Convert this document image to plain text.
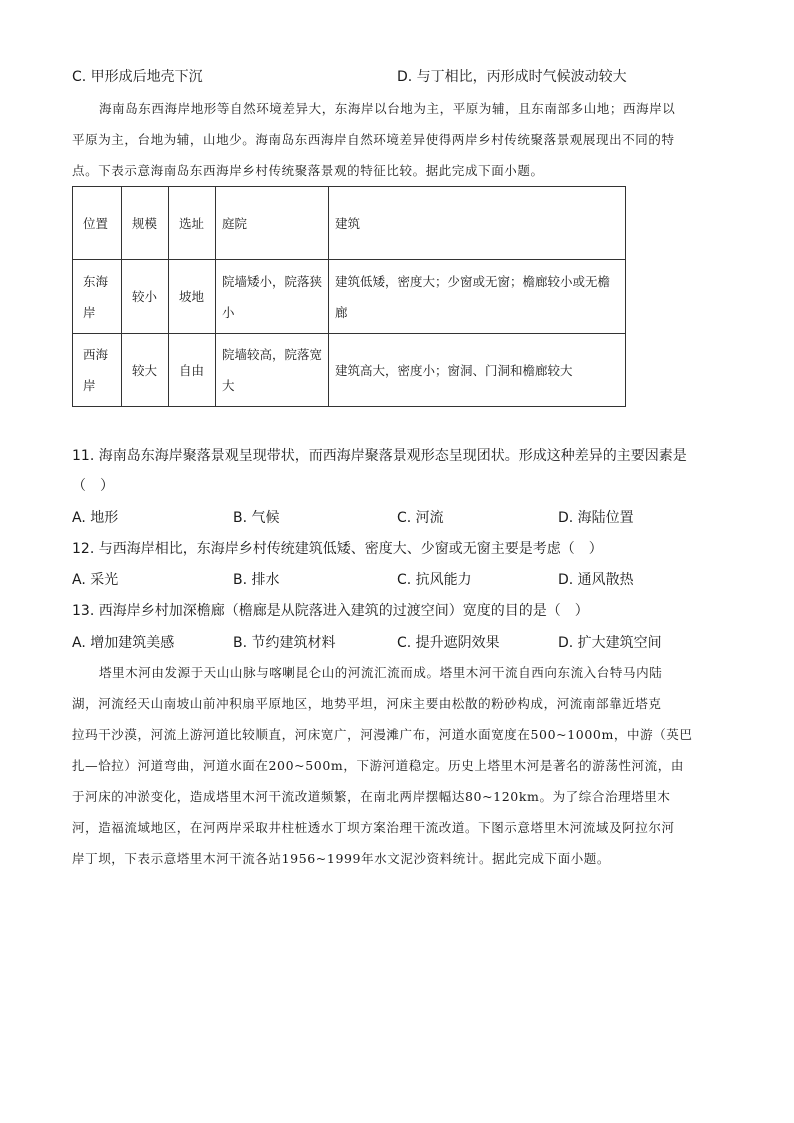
C. 甲形成后地壳下沉	D. 与丁相比，丙形成时气候波动较大
海南岛东西海岸地形等自然环境差异大，东海岸以台地为主，平原为辅，且东南部多山地；西海岸以
平原为主，台地为辅，山地少。海南岛东西海岸自然环境差异使得两岸乡村传统聚落景观展现出不同的特
点。下表示意海南岛东西海岸乡村传统聚落景观的特征比较。据此完成下面小题。
位置	规模	选址	庭院	建筑
东海岸	较小	坡地	院墙矮小，院落狭小	建筑低矮，密度大；少窗或无窗；檐廊较小或无檐廊
西海岸	较大	自由	院墙较高，院落宽大	建筑高大，密度小；窗洞、门洞和檐廊较大
11. 海南岛东海岸聚落景观呈现带状，而西海岸聚落景观形态呈现团状。形成这种差异的主要因素是
（　）
A. 地形	B. 气候	C. 河流	D. 海陆位置
12. 与西海岸相比，东海岸乡村传统建筑低矮、密度大、少窗或无窗主要是考虑（　）
A. 采光	B. 排水	C. 抗风能力	D. 通风散热
13. 西海岸乡村加深檐廊（檐廊是从院落进入建筑的过渡空间）宽度的目的是（　）
A. 增加建筑美感	B. 节约建筑材料	C. 提升遮阴效果	D. 扩大建筑空间
塔里木河由发源于天山山脉与喀喇昆仑山的河流汇流而成。塔里木河干流自西向东流入台特马内陆
湖，河流经天山南坡山前冲积扇平原地区，地势平坦，河床主要由松散的粉砂构成，河流南部靠近塔克
拉玛干沙漠，河流上游河道比较顺直，河床宽广，河漫滩广布，河道水面宽度在500~1000m，中游（英巴
扎—恰拉）河道弯曲，河道水面在200~500m，下游河道稳定。历史上塔里木河是著名的游荡性河流，由
于河床的冲淤变化，造成塔里木河干流改道频繁，在南北两岸摆幅达80~120km。为了综合治理塔里木
河，造福流域地区，在河两岸采取井柱桩透水丁坝方案治理干流改道。下图示意塔里木河流域及阿拉尔河
岸丁坝，下表示意塔里木河干流各站1956~1999年水文泥沙资料统计。据此完成下面小题。
